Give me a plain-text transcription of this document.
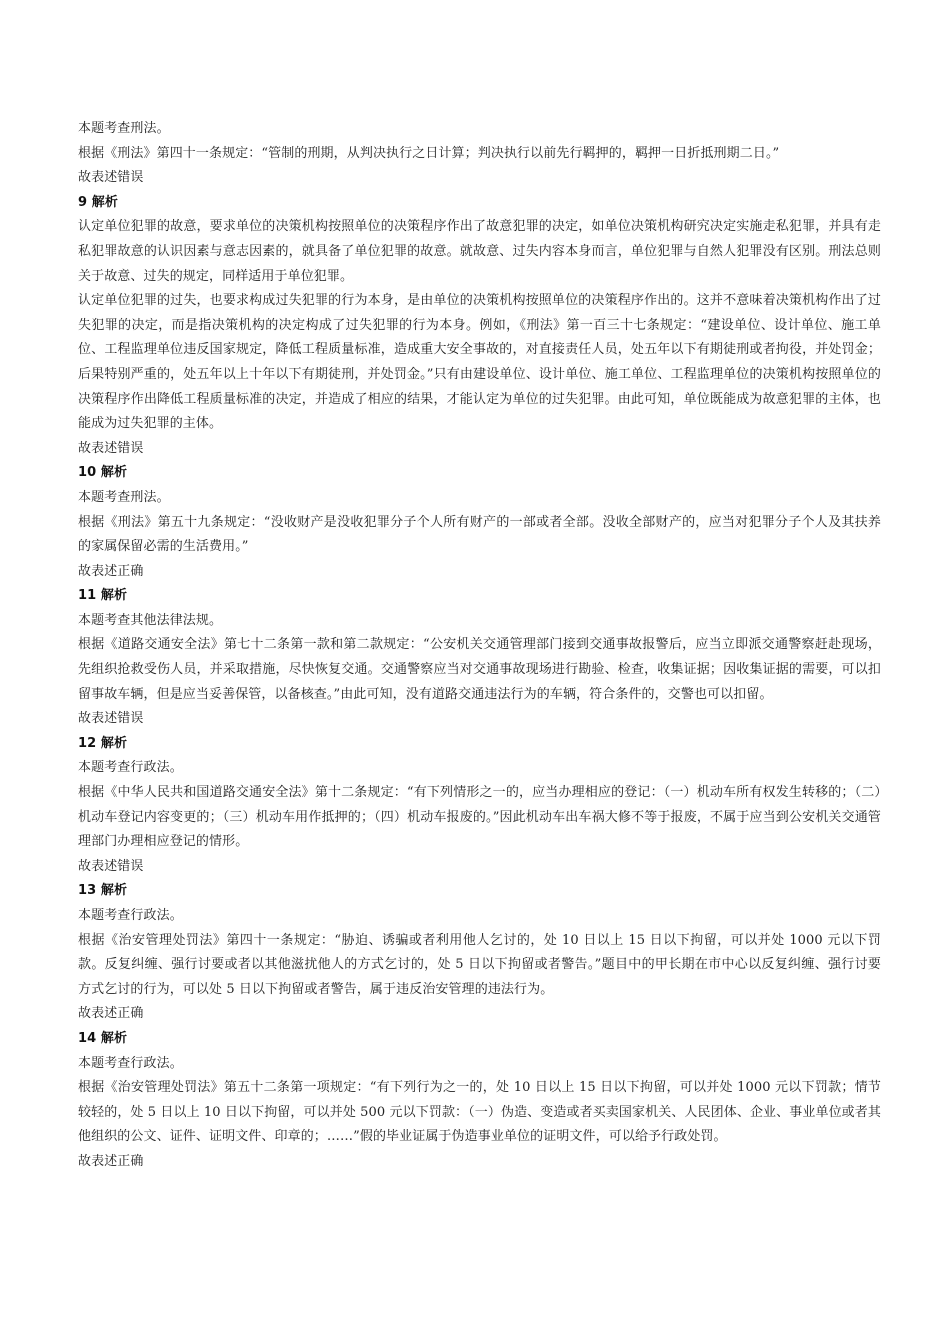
本题考查刑法。

根据《刑法》第四十一条规定：“管制的刑期，从判决执行之日计算；判决执行以前先行羁押的，羁押一日折抵刑期二日。”

故表述错误

9 解析

认定单位犯罪的故意，要求单位的决策机构按照单位的决策程序作出了故意犯罪的决定，如单位决策机构研究决定实施走私犯罪，并具有走私犯罪故意的认识因素与意志因素的，就具备了单位犯罪的故意。就故意、过失内容本身而言，单位犯罪与自然人犯罪没有区别。刑法总则关于故意、过失的规定，同样适用于单位犯罪。

认定单位犯罪的过失，也要求构成过失犯罪的行为本身，是由单位的决策机构按照单位的决策程序作出的。这并不意味着决策机构作出了过失犯罪的决定，而是指决策机构的决定构成了过失犯罪的行为本身。例如，《刑法》第一百三十七条规定：“建设单位、设计单位、施工单位、工程监理单位违反国家规定，降低工程质量标准，造成重大安全事故的，对直接责任人员，处五年以下有期徒刑或者拘役，并处罚金；后果特别严重的，处五年以上十年以下有期徒刑，并处罚金。”只有由建设单位、设计单位、施工单位、工程监理单位的决策机构按照单位的决策程序作出降低工程质量标准的决定，并造成了相应的结果，才能认定为单位的过失犯罪。由此可知，单位既能成为故意犯罪的主体，也能成为过失犯罪的主体。

故表述错误

10 解析

本题考查刑法。

根据《刑法》第五十九条规定：“没收财产是没收犯罪分子个人所有财产的一部或者全部。没收全部财产的，应当对犯罪分子个人及其扶养的家属保留必需的生活费用。”

故表述正确

11 解析

本题考查其他法律法规。

根据《道路交通安全法》第七十二条第一款和第二款规定：“公安机关交通管理部门接到交通事故报警后，应当立即派交通警察赶赴现场，先组织抢救受伤人员，并采取措施，尽快恢复交通。交通警察应当对交通事故现场进行勘验、检查，收集证据；因收集证据的需要，可以扣留事故车辆，但是应当妥善保管，以备核查。”由此可知，没有道路交通违法行为的车辆，符合条件的，交警也可以扣留。

故表述错误

12 解析

本题考查行政法。

根据《中华人民共和国道路交通安全法》第十二条规定：“有下列情形之一的，应当办理相应的登记：（一）机动车所有权发生转移的；（二）机动车登记内容变更的；（三）机动车用作抵押的；（四）机动车报废的。”因此机动车出车祸大修不等于报废，不属于应当到公安机关交通管理部门办理相应登记的情形。

故表述错误

13 解析

本题考查行政法。

根据《治安管理处罚法》第四十一条规定：“胁迫、诱骗或者利用他人乞讨的，处 10 日以上 15 日以下拘留，可以并处 1000 元以下罚款。反复纠缠、强行讨要或者以其他滋扰他人的方式乞讨的，处 5 日以下拘留或者警告。”题目中的甲长期在市中心以反复纠缠、强行讨要方式乞讨的行为，可以处 5 日以下拘留或者警告，属于违反治安管理的违法行为。

故表述正确

14 解析

本题考查行政法。

根据《治安管理处罚法》第五十二条第一项规定：“有下列行为之一的，处 10 日以上 15 日以下拘留，可以并处 1000 元以下罚款；情节较轻的，处 5 日以上 10 日以下拘留，可以并处 500 元以下罚款：（一）伪造、变造或者买卖国家机关、人民团体、企业、事业单位或者其他组织的公文、证件、证明文件、印章的；……”假的毕业证属于伪造事业单位的证明文件，可以给予行政处罚。

故表述正确
